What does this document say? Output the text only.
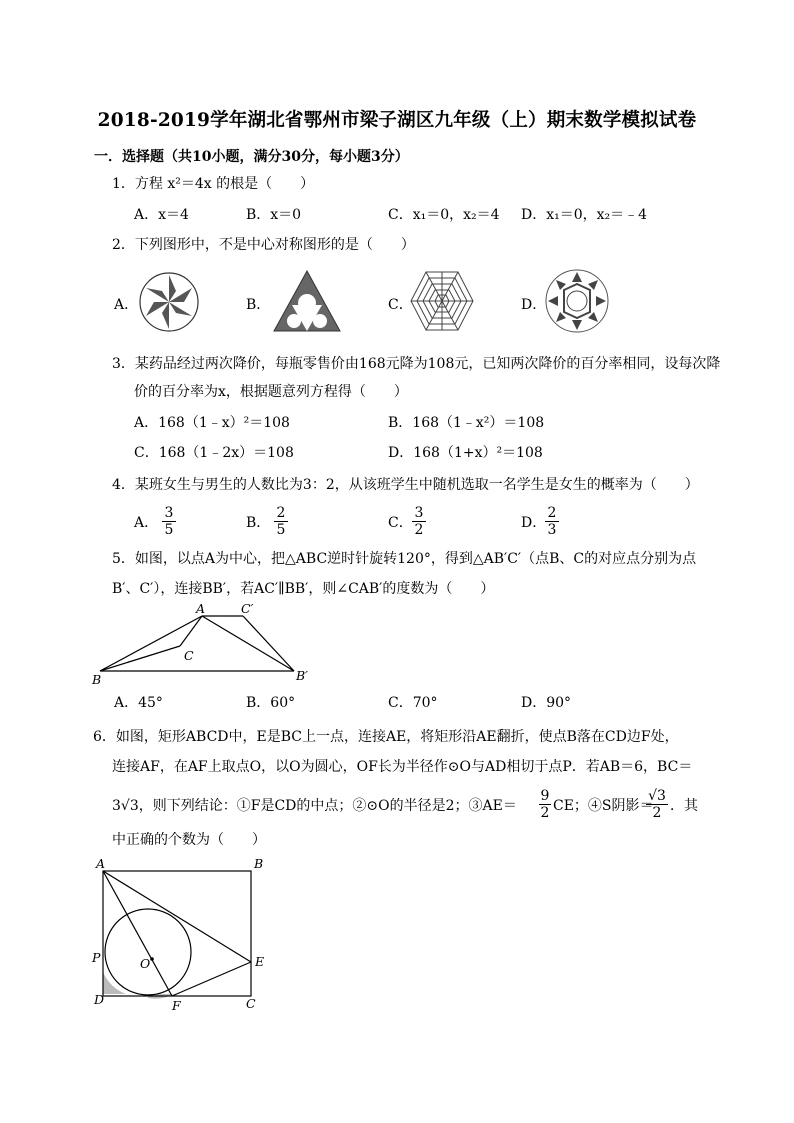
2018-2019学年湖北省鄂州市梁子湖区九年级（上）期末数学模拟试卷
一．选择题（共10小题，满分30分，每小题3分）
1．方程 x²＝4x 的根是（　　）
A．x＝4	B．x＝0	C．x₁＝0，x₂＝4 D．x₁＝0，x₂＝﹣4
2．下列图形中，不是中心对称图形的是（　　）
A．	B．	C．	D．
3．某药品经过两次降价，每瓶零售价由168元降为108元，已知两次降价的百分率相同，设每次降
价的百分率为x，根据题意列方程得（　　）
A．168（1﹣x）²＝108	B．168（1﹣x²）＝108
C．168（1﹣2x）＝108	D．168（1+x）²＝108
4．某班女生与男生的人数比为3：2，从该班学生中随机选取一名学生是女生的概率为（　　）
A． $\frac{3}{5}$	B． $\frac{2}{5}$	C． $\frac{3}{2}$	D．
$\frac{2}{3}$
5．如图，以点A为中心，把△ABC逆时针旋转120°，得到△AB′C′（点B、C的对应点分别为点
B′、C′），连接BB′，若AC′∥BB′，则∠CAB′的度数为（　　）
A	C′
C
B	B′
A．45°	B．60°	C．70°	D．90°
6．如图，矩形ABCD中，E是BC上一点，连接AE，将矩形沿AE翻折，使点B落在CD边F处，
连接AF，在AF上取点O，以O为圆心，OF长为半径作⊙O与AD相切于点P．若AB＝6，BC＝
3√3，则下列结论：①F是CD的中点；②⊙O的半径是2；③AE＝ $\frac{9}{2}$ CE；④S阴影＝
$\frac{√3}{2}$ ．其
中正确的个数为（　　）
A	B
P	O	E
D	F	C
